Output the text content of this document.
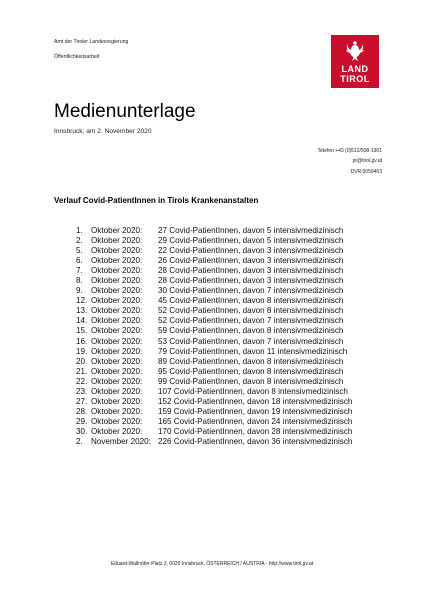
Amt der Tiroler Landesregierung
Öffentlichkeitsarbeit
LAND
TIROL
Medienunterlage
Innsbruck, am 2. November 2020
Telefon +43 (0)512/508-1901
pr@tirol.gv.at
DVR:0059463
Verlauf Covid-PatientInnen in Tirols Krankenanstalten
1. Oktober 2020: 27 Covid-PatientInnen, davon 5 intensivmedizinisch
2. Oktober 2020: 29 Covid-PatientInnen, davon 5 intensivmedizinisch
5. Oktober 2020: 22 Covid-PatientInnen, davon 3 intensivmedizinisch
6. Oktober 2020: 26 Covid-PatientInnen, davon 3 intensivmedizinisch
7. Oktober 2020: 28 Covid-PatientInnen, davon 3 intensivmedizinisch
8. Oktober 2020: 28 Covid-PatientInnen, davon 3 intensivmedizinisch
9. Oktober 2020: 30 Covid-PatientInnen, davon 7 intensivmedizinisch
12. Oktober 2020: 45 Covid-PatientInnen, davon 8 intensivmedizinisch
13. Oktober 2020: 52 Covid-PatientInnen, davon 8 intensivmedizinisch
14. Oktober 2020: 52 Covid-PatientInnen, davon 7 intensivmedizinisch
15. Oktober 2020: 59 Covid-PatientInnen, davon 8 intensivmedizinisch
16. Oktober 2020: 53 Covid-PatientInnen, davon 7 intensivmedizinisch
19. Oktober 2020: 79 Covid-PatientInnen, davon 11 intensivmedizinisch
20. Oktober 2020: 89 Covid-PatientInnen, davon 8 intensivmedizinisch
21. Oktober 2020: 95 Covid-PatientInnen, davon 8 intensivmedizinisch
22. Oktober 2020: 99 Covid-PatientInnen, davon 8 intensivmedizinisch
23. Oktober 2020: 107 Covid-PatientInnen, davon 8 intensivmedizinisch
27. Oktober 2020: 152 Covid-PatientInnen, davon 18 intensivmedizinisch
28. Oktober 2020: 159 Covid-PatientInnen, davon 19 intensivmedizinisch
29. Oktober 2020: 165 Covid-PatientInnen, davon 24 intensivmedizinisch
30. Oktober 2020: 170 Covid-PatientInnen, davon 28 intensivmedizinisch
2. November 2020: 226 Covid-PatientInnen, davon 36 intensivmedizinisch
Eduard-Wallnöfer-Platz 3, 6020 Innsbruck, ÖSTERREICH / AUSTRIA - http://www.tirol.gv.at
